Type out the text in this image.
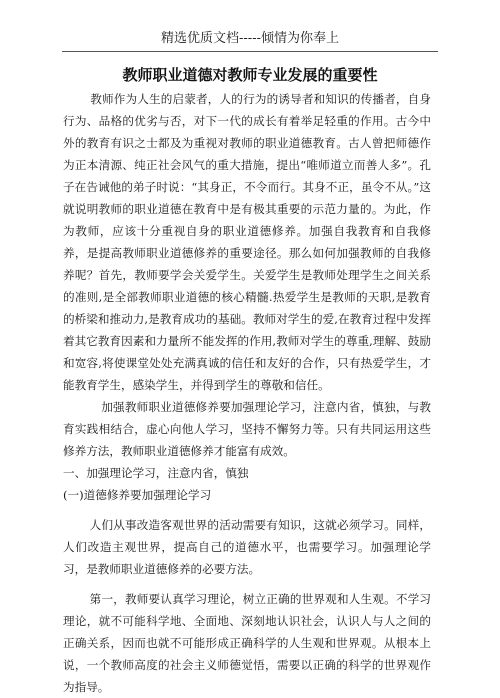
精选优质文档-----倾情为你奉上
教师职业道德对教师专业发展的重要性

教师作为人生的启蒙者，人的行为的诱导者和知识的传播者，自身行为、品格的优劣与否，对下一代的成长有着举足轻重的作用。古今中外的教育有识之士都及为重视对教师的职业道德教育。古人曾把师德作为正本清源、纯正社会风气的重大措施，提出“唯师道立而善人多”。孔子在告诫他的弟子时说：“其身正，不令而行。其身不正，虽令不从。”这就说明教师的职业道德在教育中是有极其重要的示范力量的。为此，作为教师，应该十分重视自身的职业道德修养。加强自我教育和自我修养，是提高教师职业道德修养的重要途径。那么如何加强教师的自我修养呢？首先，教师要学会关爱学生。关爱学生是教师处理学生之间关系的准则,是全部教师职业道德的核心精髓.热爱学生是教师的天职,是教育的桥梁和推动力,是教育成功的基础。教师对学生的爱,在教育过程中发挥着其它教育因素和力量所不能发挥的作用,教师对学生的尊重,理解、鼓励和宽容,将使课堂处处充满真诚的信任和友好的合作，只有热爱学生，才能教育学生，感染学生，并得到学生的尊敬和信任。

加强教师职业道德修养要加强理论学习，注意内省，慎独，与教育实践相结合，虚心向他人学习，坚持不懈努力等。只有共同运用这些修养方法，教师职业道德修养才能富有成效。

一、加强理论学习，注意内省，慎独

(一)道德修养要加强理论学习

人们从事改造客观世界的活动需要有知识，这就必须学习。同样，人们改造主观世界，提高自己的道德水平，也需要学习。加强理论学习，是教师职业道德修养的必要方法。

第一，教师要认真学习理论，树立正确的世界观和人生观。不学习理论，就不可能科学地、全面地、深刻地认识社会，认识人与人之间的正确关系，因而也就不可能形成正确科学的人生观和世界观。从根本上说，一个教师高度的社会主义师德觉悟，需要以正确的科学的世界观作为指导。
